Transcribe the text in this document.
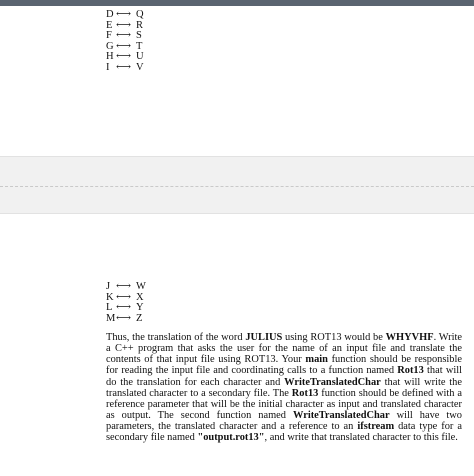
D ⟷ Q
E ⟷ R
F ⟷ S
G ⟷ T
H ⟷ U
I ⟷ V
J ⟷ W
K ⟷ X
L ⟷ Y
M ⟷ Z
Thus, the translation of the word JULIUS using ROT13 would be WHYVHF. Write a C++ program that asks the user for the name of an input file and translate the contents of that input file using ROT13. Your main function should be responsible for reading the input file and coordinating calls to a function named Rot13 that will do the translation for each character and WriteTranslatedChar that will write the translated character to a secondary file. The Rot13 function should be defined with a reference parameter that will be the initial character as input and translated character as output. The second function named WriteTranslatedChar will have two parameters, the translated character and a reference to an ifstream data type for a secondary file named "output.rot13", and write that translated character to this file.
